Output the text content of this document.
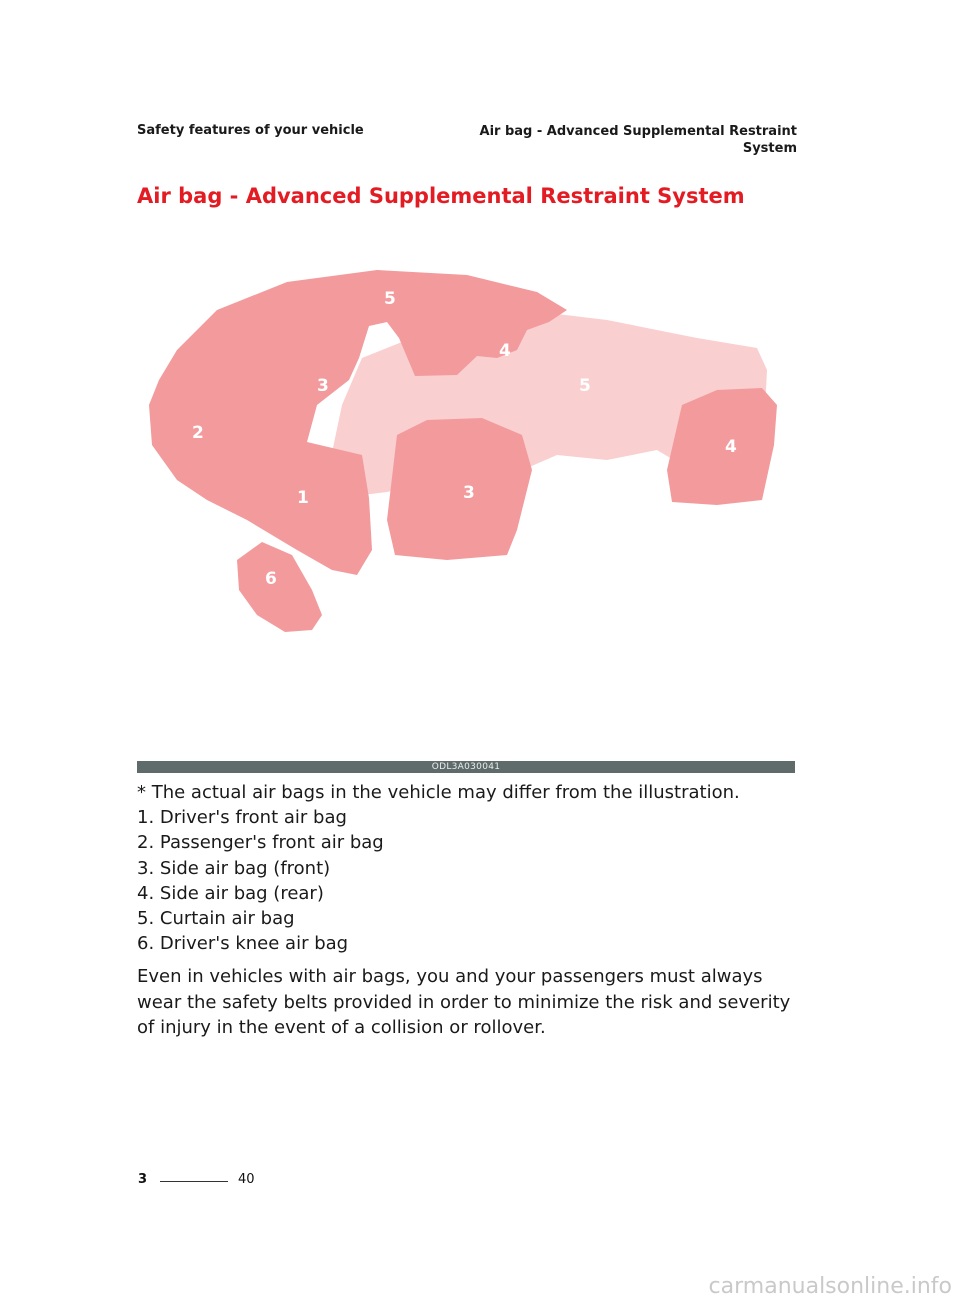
Safety features of your vehicle	Air bag - Advanced Supplemental Restraint
System
Air bag - Advanced Supplemental Restraint System
5
4
5
3
2
1	3
4
6
ODL3A030041

* The actual air bags in the vehicle may differ from the illustration.

1. Driver's front air bag
2. Passenger's front air bag
3. Side air bag (front)
4. Side air bag (rear)
5. Curtain air bag
6. Driver's knee air bag

Even in vehicles with air bags, you and your passengers must always wear the safety belts provided in order to minimize the risk and severity of injury in the event of a collision or rollover.

3	40
carmanualsonline.info
